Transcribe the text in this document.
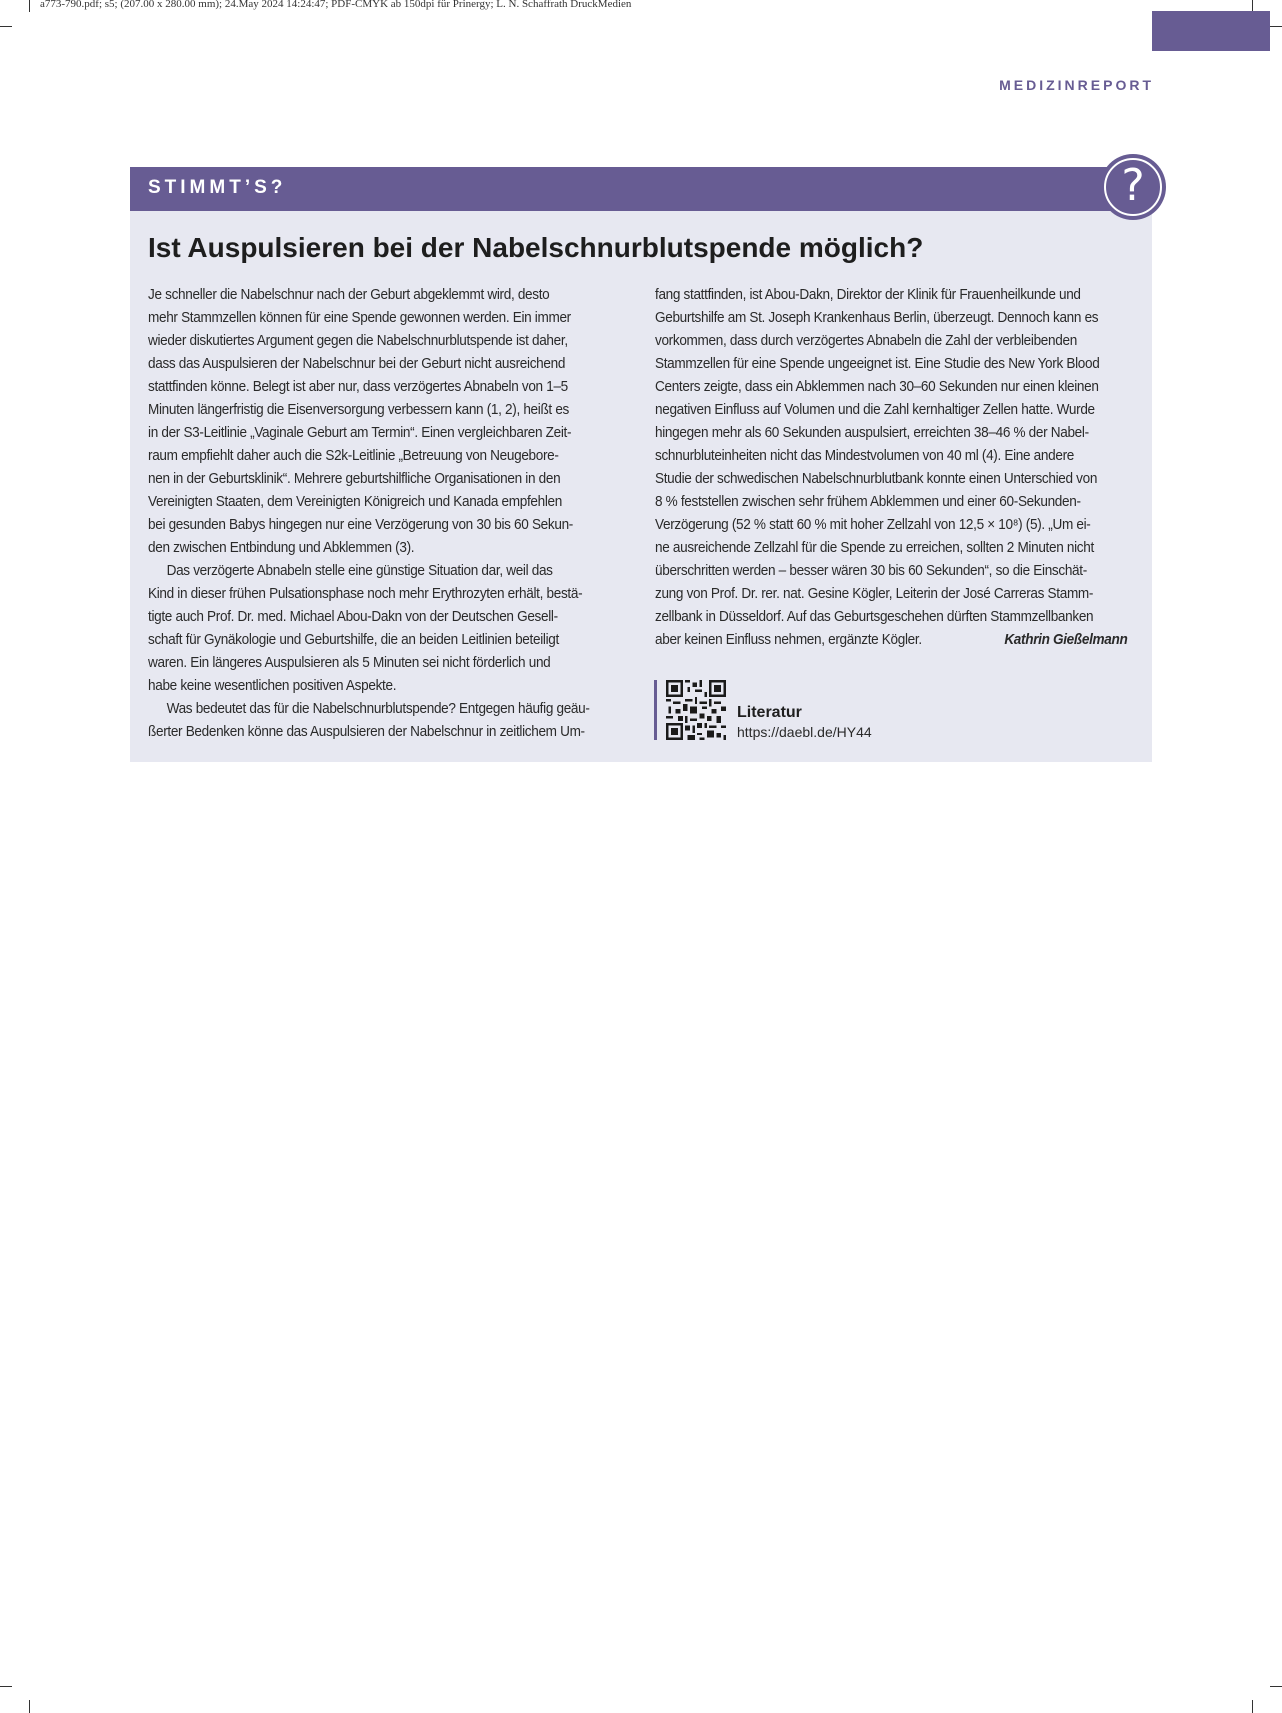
a773-790.pdf; s5; (207.00 x 280.00 mm); 24.May 2024 14:24:47; PDF-CMYK ab 150dpi für Prinergy; L. N. Schaffrath DruckMedien
MEDIZINREPORT
STIMMT’S?	?
Ist Auspulsieren bei der Nabelschnurblutspende möglich?
Je schneller die Nabelschnur nach der Geburt abgeklemmt wird, desto
mehr Stammzellen können für eine Spende gewonnen werden. Ein immer
wieder diskutiertes Argument gegen die Nabelschnurblutspende ist daher,
dass das Auspulsieren der Nabelschnur bei der Geburt nicht ausreichend
stattfinden könne. Belegt ist aber nur, dass verzögertes Abnabeln von 1–5
Minuten längerfristig die Eisenversorgung verbessern kann (1, 2), heißt es
in der S3-Leitlinie „Vaginale Geburt am Termin“. Einen vergleichbaren Zeit-
raum empfiehlt daher auch die S2k-Leitlinie „Betreuung von Neugebore-
nen in der Geburtsklinik“. Mehrere geburtshilfliche Organisationen in den
Vereinigten Staaten, dem Vereinigten Königreich und Kanada empfehlen
bei gesunden Babys hingegen nur eine Verzögerung von 30 bis 60 Sekun-
den zwischen Entbindung und Abklemmen (3).
Das verzögerte Abnabeln stelle eine günstige Situation dar, weil das
Kind in dieser frühen Pulsationsphase noch mehr Erythrozyten erhält, bestä-
tigte auch Prof. Dr. med. Michael Abou-Dakn von der Deutschen Gesell-
schaft für Gynäkologie und Geburtshilfe, die an beiden Leitlinien beteiligt
waren. Ein längeres Auspulsieren als 5 Minuten sei nicht förderlich und
habe keine wesentlichen positiven Aspekte.
Was bedeutet das für die Nabelschnurblutspende? Entgegen häufig geäu-
ßerter Bedenken könne das Auspulsieren der Nabelschnur in zeitlichem Um-
fang stattfinden, ist Abou-Dakn, Direktor der Klinik für Frauenheilkunde und
Geburtshilfe am St. Joseph Krankenhaus Berlin, überzeugt. Dennoch kann es
vorkommen, dass durch verzögertes Abnabeln die Zahl der verbleibenden
Stammzellen für eine Spende ungeeignet ist. Eine Studie des New York Blood
Centers zeigte, dass ein Abklemmen nach 30–60 Sekunden nur einen kleinen
negativen Einfluss auf Volumen und die Zahl kernhaltiger Zellen hatte. Wurde
hingegen mehr als 60 Sekunden auspulsiert, erreichten 38–46 % der Nabel-
schnurbluteinheiten nicht das Mindestvolumen von 40 ml (4). Eine andere
Studie der schwedischen Nabelschnurblutbank konnte einen Unterschied von
8 % feststellen zwischen sehr frühem Abklemmen und einer 60-Sekunden-
Verzögerung (52 % statt 60 % mit hoher Zellzahl von 12,5 × 10⁸) (5). „Um ei-
ne ausreichende Zellzahl für die Spende zu erreichen, sollten 2 Minuten nicht
überschritten werden – besser wären 30 bis 60 Sekunden“, so die Einschät-
zung von Prof. Dr. rer. nat. Gesine Kögler, Leiterin der José Carreras Stamm-
zellbank in Düsseldorf. Auf das Geburtsgeschehen dürften Stammzellbanken
aber keinen Einfluss nehmen, ergänzte Kögler.	Kathrin Gießelmann
Literatur
https://daebl.de/HY44
